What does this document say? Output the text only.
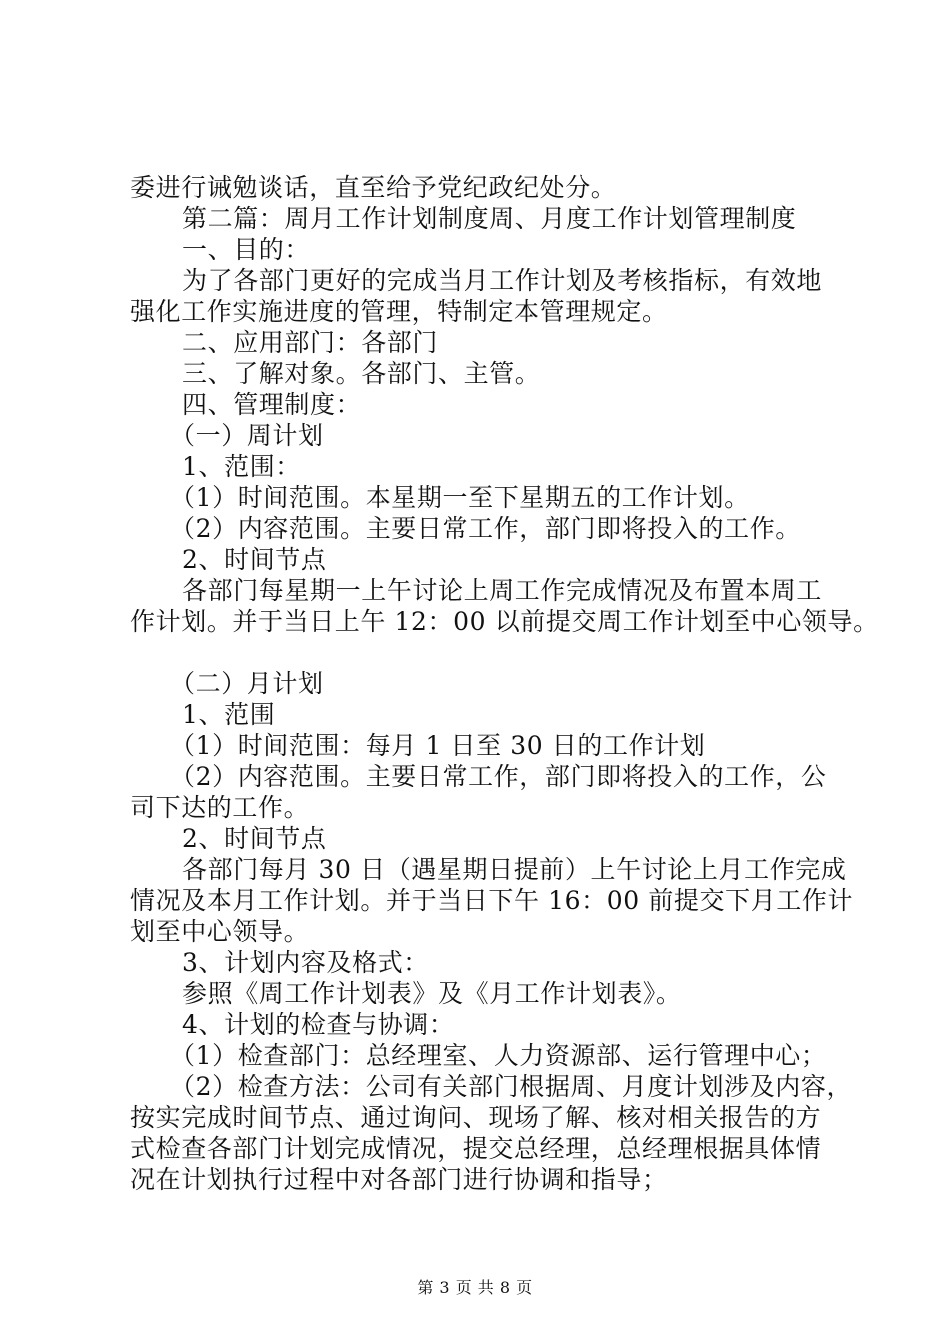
委进行诫勉谈话，直至给予党纪政纪处分。
第二篇：周月工作计划制度周、月度工作计划管理制度
一、目的：
为了各部门更好的完成当月工作计划及考核指标，有效地
强化工作实施进度的管理，特制定本管理规定。
二、应用部门：各部门
三、了解对象。各部门、主管。
四、管理制度：
（一）周计划
1、范围：
（1）时间范围。本星期一至下星期五的工作计划。
（2）内容范围。主要日常工作，部门即将投入的工作。
2、时间节点
各部门每星期一上午讨论上周工作完成情况及布置本周工
作计划。并于当日上午 12：00 以前提交周工作计划至中心领导。
（二）月计划
1、范围
（1）时间范围：每月 1 日至 30 日的工作计划
（2）内容范围。主要日常工作，部门即将投入的工作，公
司下达的工作。
2、时间节点
各部门每月 30 日（遇星期日提前）上午讨论上月工作完成
情况及本月工作计划。并于当日下午 16：00 前提交下月工作计
划至中心领导。
3、计划内容及格式：
参照《周工作计划表》及《月工作计划表》。
4、计划的检查与协调：
（1）检查部门：总经理室、人力资源部、运行管理中心；
（2）检查方法：公司有关部门根据周、月度计划涉及内容，
按实完成时间节点、通过询问、现场了解、核对相关报告的方
式检查各部门计划完成情况，提交总经理，总经理根据具体情
况在计划执行过程中对各部门进行协调和指导；
第 3 页 共 8 页
